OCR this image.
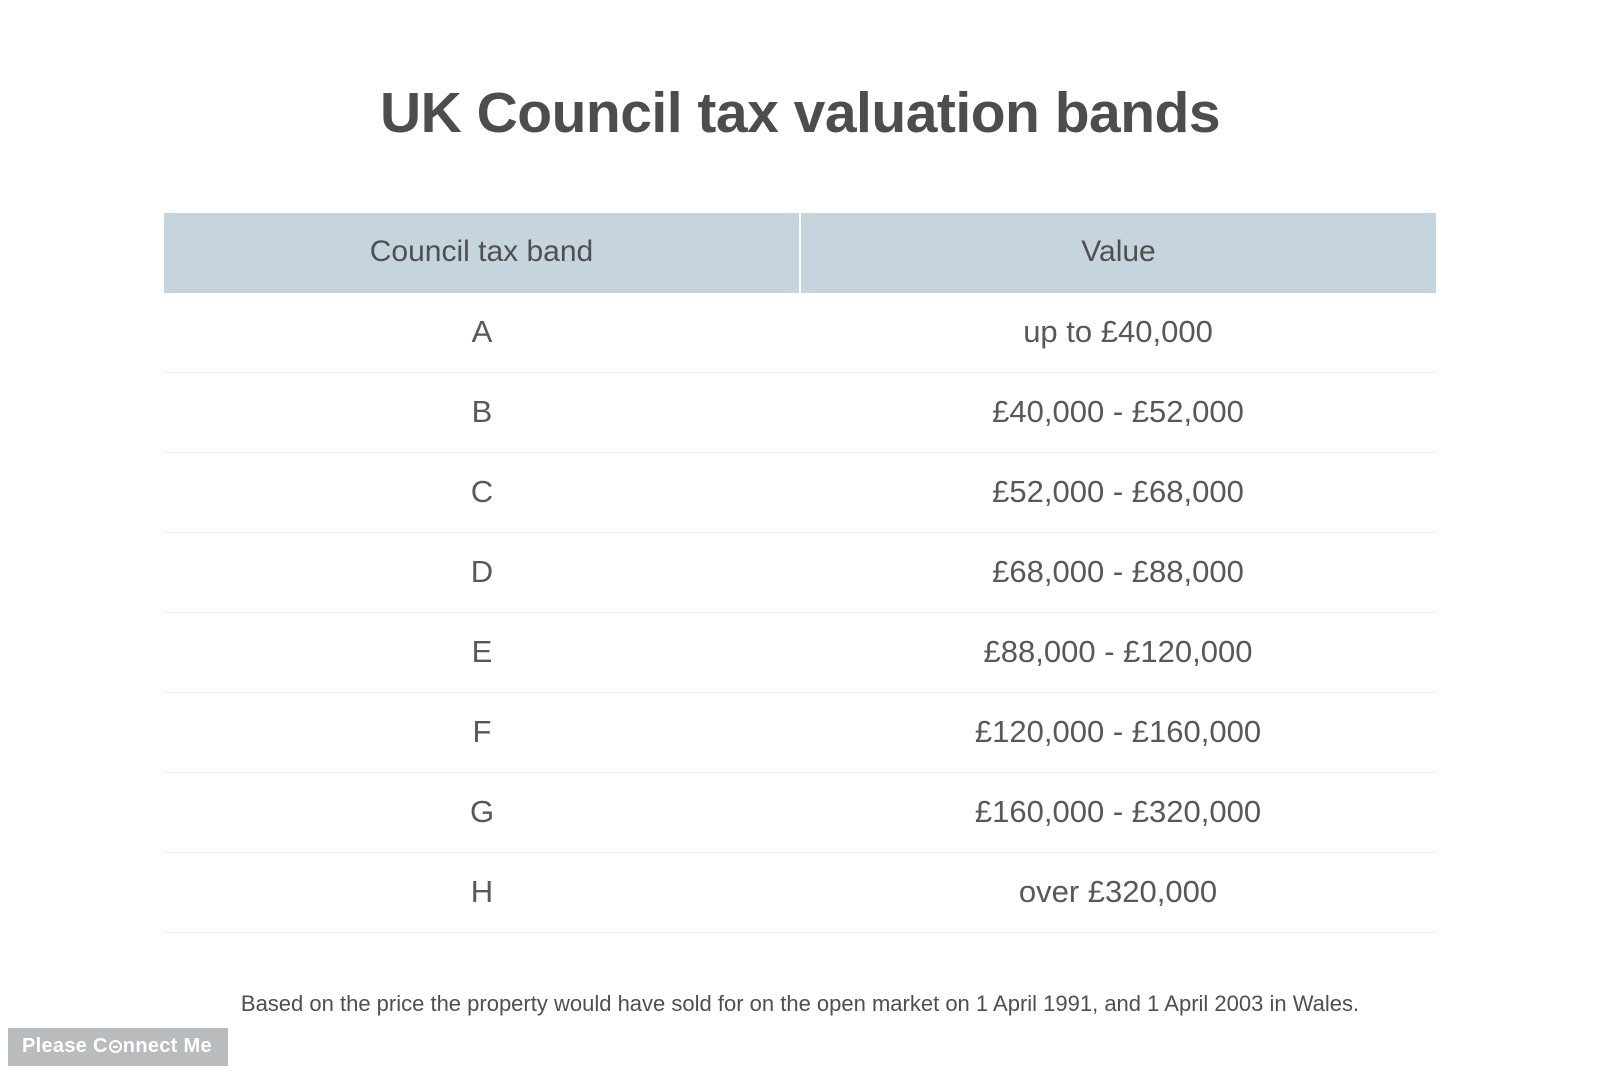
UK Council tax valuation bands
Council tax band	Value
A	up to £40,000
B	£40,000 - £52,000
C	£52,000 - £68,000
D	£68,000 - £88,000
E	£88,000 - £120,000
F	£120,000 - £160,000
G	£160,000 - £320,000
H	over £320,000
Based on the price the property would have sold for on the open market on 1 April 1991, and 1 April 2003 in Wales.
Please C nnect Me
